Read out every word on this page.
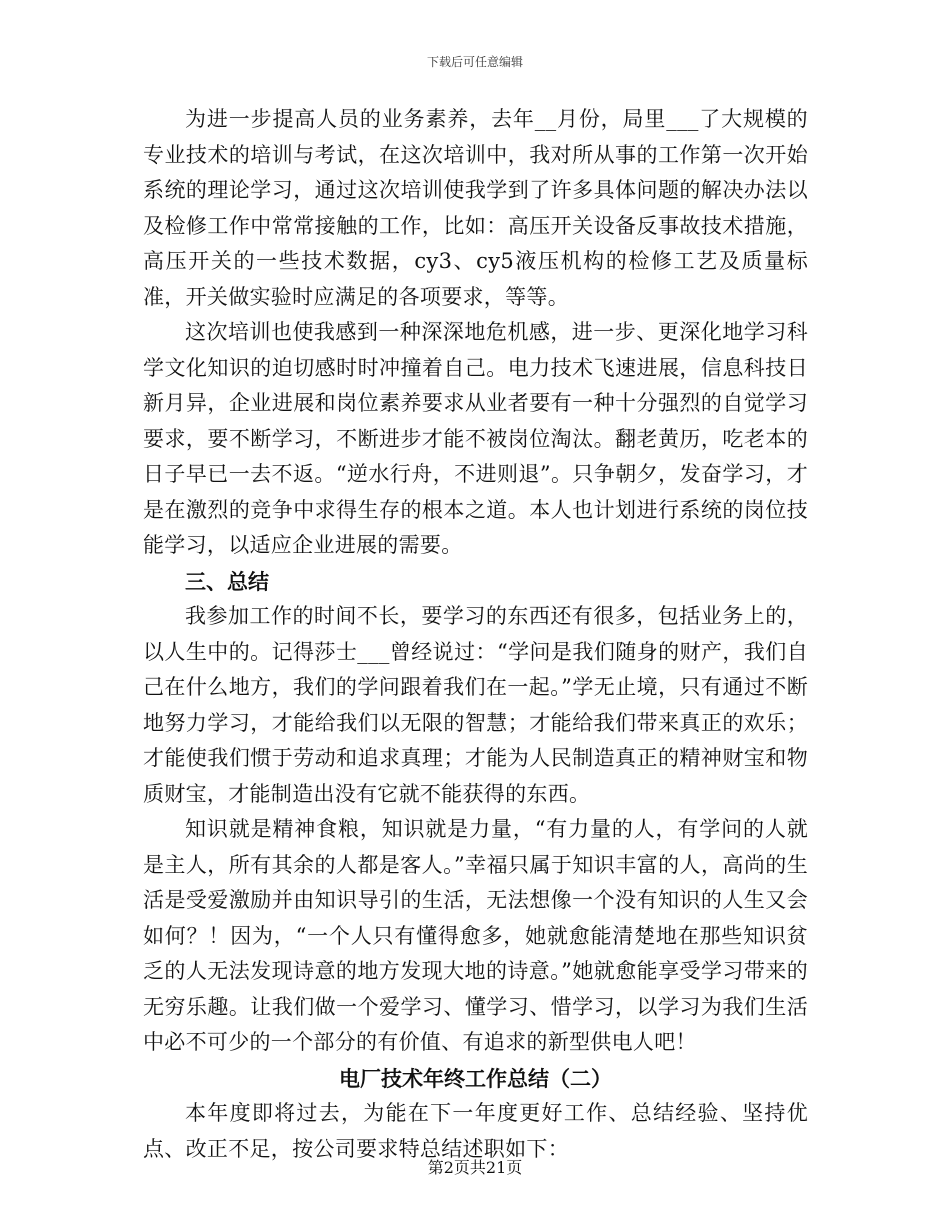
下载后可任意编辑

为进一步提高人员的业务素养，去年__月份，局里___了大规模的专业技术的培训与考试，在这次培训中，我对所从事的工作第一次开始系统的理论学习，通过这次培训使我学到了许多具体问题的解决办法以及检修工作中常常接触的工作，比如：高压开关设备反事故技术措施，高压开关的一些技术数据，cy3、cy5液压机构的检修工艺及质量标准，开关做实验时应满足的各项要求，等等。

这次培训也使我感到一种深深地危机感，进一步、更深化地学习科学文化知识的迫切感时时冲撞着自己。电力技术飞速进展，信息科技日新月异，企业进展和岗位素养要求从业者要有一种十分强烈的自觉学习要求，要不断学习，不断进步才能不被岗位淘汰。翻老黄历，吃老本的日子早已一去不返。“逆水行舟，不进则退”。只争朝夕，发奋学习，才是在激烈的竞争中求得生存的根本之道。本人也计划进行系统的岗位技能学习，以适应企业进展的需要。

三、总结

我参加工作的时间不长，要学习的东西还有很多，包括业务上的，以人生中的。记得莎士___曾经说过：“学问是我们随身的财产，我们自己在什么地方，我们的学问跟着我们在一起。”学无止境，只有通过不断地努力学习，才能给我们以无限的智慧；才能给我们带来真正的欢乐；才能使我们惯于劳动和追求真理；才能为人民制造真正的精神财宝和物质财宝，才能制造出没有它就不能获得的东西。

知识就是精神食粮，知识就是力量，“有力量的人，有学问的人就是主人，所有其余的人都是客人。”幸福只属于知识丰富的人，高尚的生活是受爱激励并由知识导引的生活，无法想像一个没有知识的人生又会如何？！因为，“一个人只有懂得愈多，她就愈能清楚地在那些知识贫乏的人无法发现诗意的地方发现大地的诗意。”她就愈能享受学习带来的无穷乐趣。让我们做一个爱学习、懂学习、惜学习，以学习为我们生活中必不可少的一个部分的有价值、有追求的新型供电人吧！

电厂技术年终工作总结（二）

本年度即将过去，为能在下一年度更好工作、总结经验、坚持优点、改正不足，按公司要求特总结述职如下：

第2页共21页
